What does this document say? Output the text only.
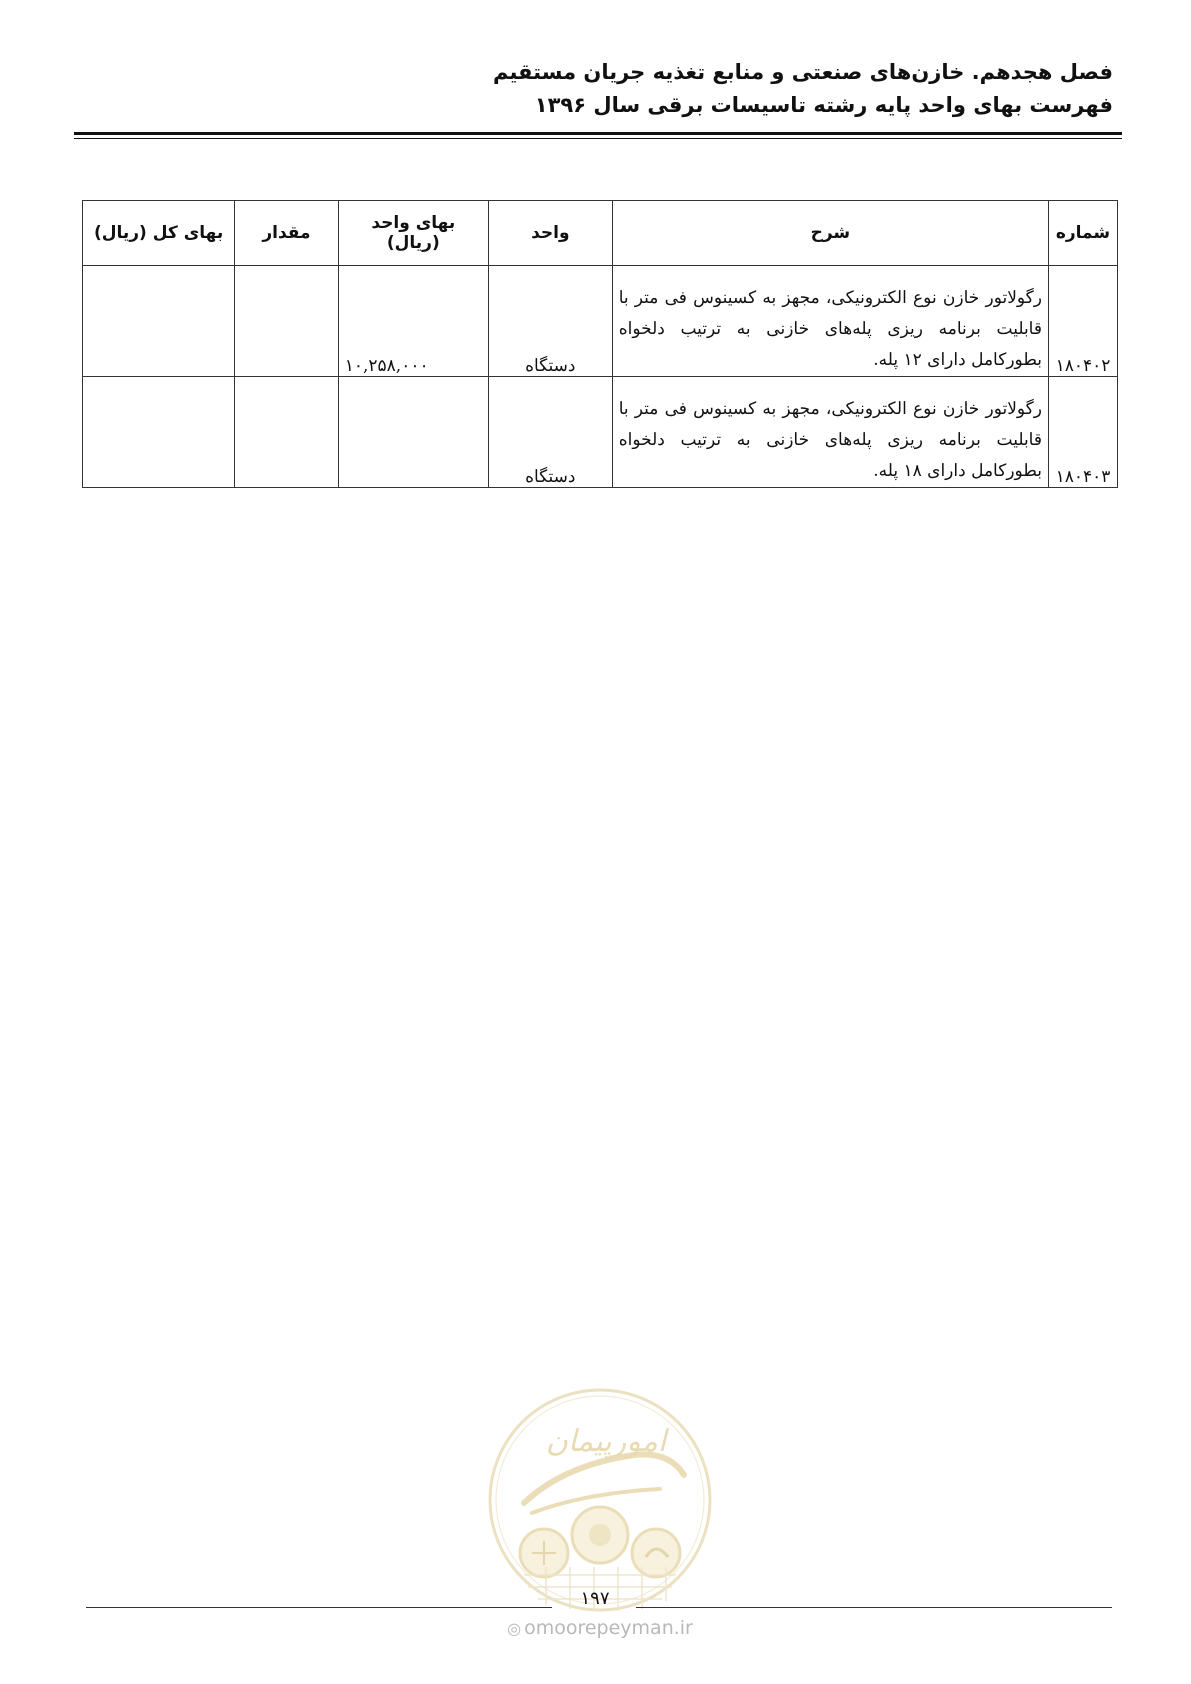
فصل هجدهم. خازن‌های صنعتی و منابع تغذیه جریان مستقیم
فهرست بهای واحد پایه رشته تاسیسات برقی سال ۱۳۹۶
شماره	شرح	واحد	بهای واحد (ریال)	مقدار	بهای کل (ریال)
۱۸۰۴۰۲	رگولاتور خازن نوع الکترونیکی، مجهز به کسینوس فی متر با قابلیت برنامه ریزی پله‌های خازنی به ترتیب دلخواه بطورکامل دارای ۱۲ پله.	دستگاه	۱۰,۲۵۸,۰۰۰		
۱۸۰۴۰۳	رگولاتور خازن نوع الکترونیکی، مجهز به کسینوس فی متر با قابلیت برنامه ریزی پله‌های خازنی به ترتیب دلخواه بطورکامل دارای ۱۸ پله.	دستگاه			
امورپیمان
۱۹۷
◎ omoorepeyman.ir
